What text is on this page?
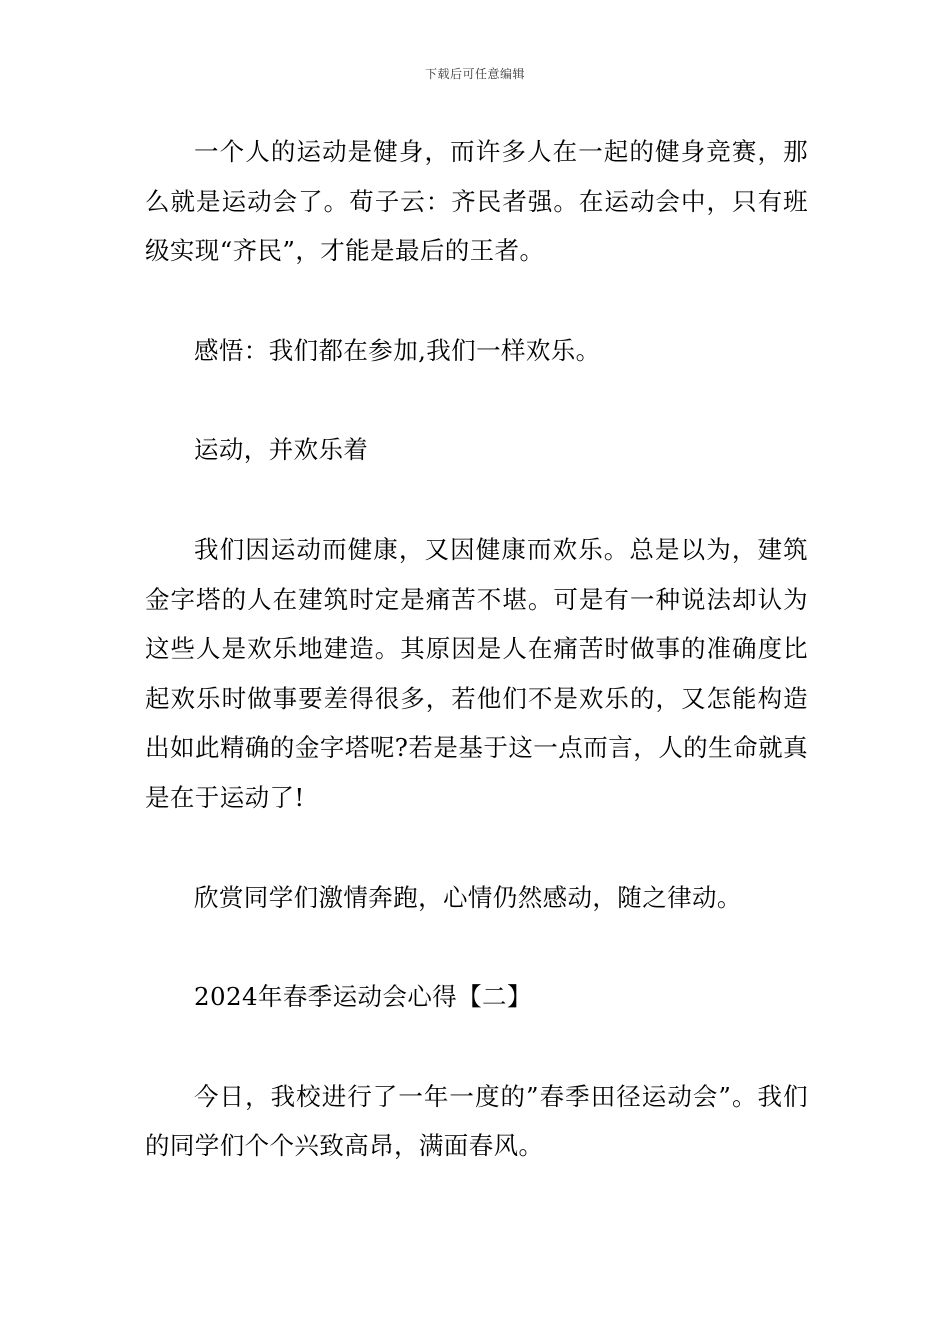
下载后可任意编辑

一个人的运动是健身，而许多人在一起的健身竞赛，那么就是运动会了。荀子云：齐民者强。在运动会中，只有班级实现“齐民”，才能是最后的王者。

感悟：我们都在参加,我们一样欢乐。

运动，并欢乐着

我们因运动而健康，又因健康而欢乐。总是以为，建筑金字塔的人在建筑时定是痛苦不堪。可是有一种说法却认为这些人是欢乐地建造。其原因是人在痛苦时做事的准确度比起欢乐时做事要差得很多，若他们不是欢乐的，又怎能构造出如此精确的金字塔呢?若是基于这一点而言，人的生命就真是在于运动了!

欣赏同学们激情奔跑，心情仍然感动，随之律动。

2024年春季运动会心得【二】

今日，我校进行了一年一度的”春季田径运动会”。我们的同学们个个兴致高昂，满面春风。
